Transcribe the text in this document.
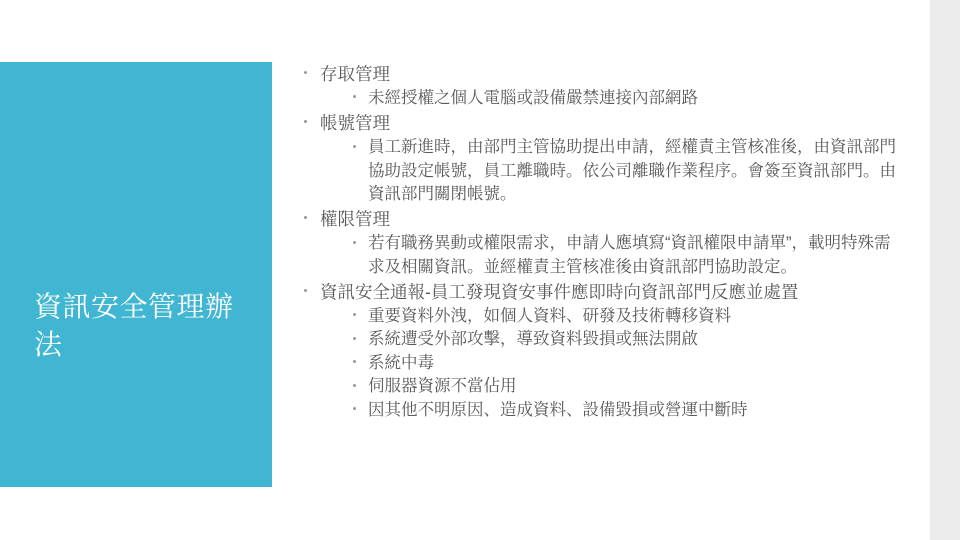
資訊安全管理辦法
存取管理
未經授權之個人電腦或設備嚴禁連接內部網路
帳號管理
員工新進時，由部門主管協助提出申請，經權責主管核准後，由資訊部門協助設定帳號，員工離職時。依公司離職作業程序。會簽至資訊部門。由資訊部門關閉帳號。
權限管理
若有職務異動或權限需求，申請人應填寫“資訊權限申請單”，載明特殊需求及相關資訊。並經權責主管核准後由資訊部門協助設定。
資訊安全通報-員工發現資安事件應即時向資訊部門反應並處置
重要資料外洩，如個人資料、研發及技術轉移資料
系統遭受外部攻擊，導致資料毀損或無法開啟
系統中毒
伺服器資源不當佔用
因其他不明原因、造成資料、設備毀損或營運中斷時
